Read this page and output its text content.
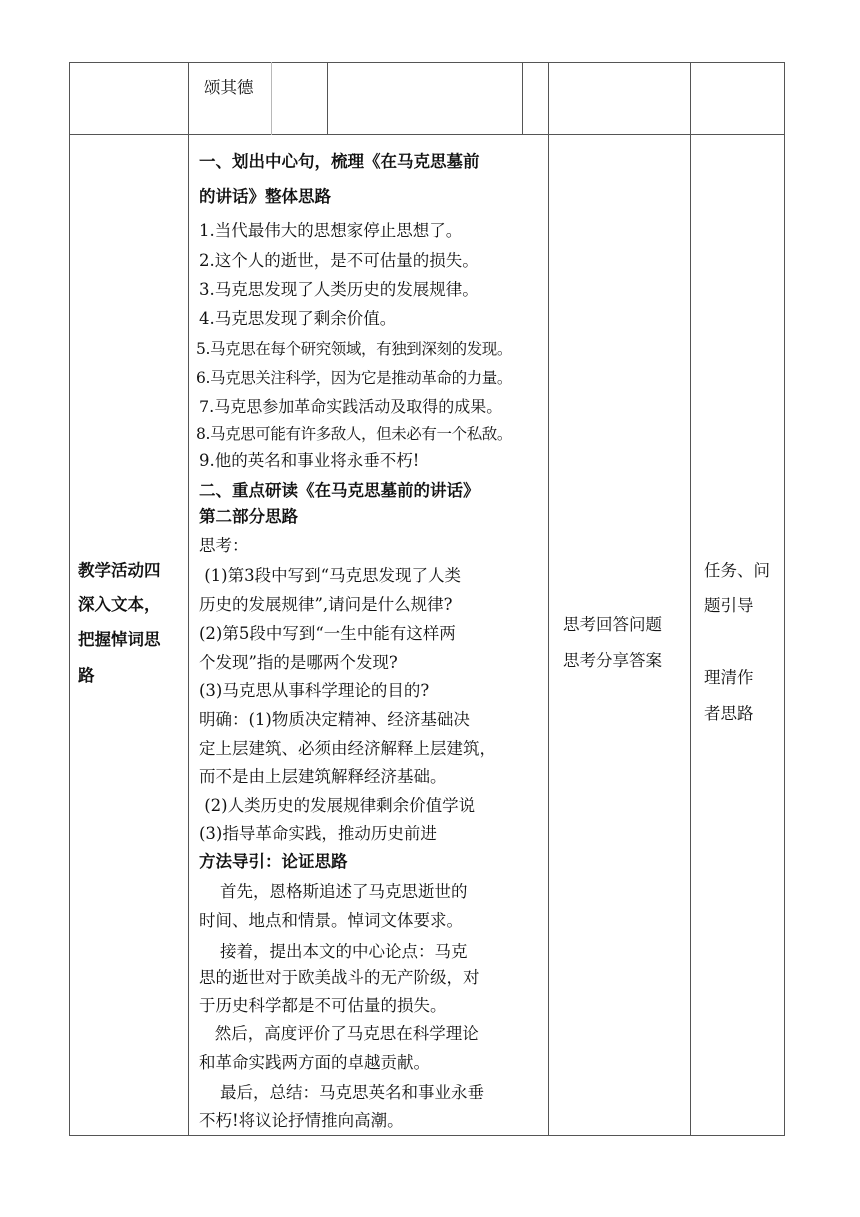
颂其德
教学活动四
深入文本，
把握悼词思
路
一、划出中心句，梳理《在马克思墓前
的讲话》整体思路
1.当代最伟大的思想家停止思想了。
2.这个人的逝世，是不可估量的损失。
3.马克思发现了人类历史的发展规律。
4.马克思发现了剩余价值。
5.马克思在每个研究领域，有独到深刻的发现。
6.马克思关注科学，因为它是推动革命的力量。
7.马克思参加革命实践活动及取得的成果。
8.马克思可能有许多敌人，但未必有一个私敌。
9.他的英名和事业将永垂不朽!
二、重点研读《在马克思墓前的讲话》
第二部分思路
思考：
(1)第3段中写到“马克思发现了人类
历史的发展规律”,请问是什么规律?
(2)第5段中写到“一生中能有这样两
个发现”指的是哪两个发现?
(3)马克思从事科学理论的目的?
明确：(1)物质决定精神、经济基础决
定上层建筑、必须由经济解释上层建筑，
而不是由上层建筑解释经济基础。
(2)人类历史的发展规律剩余价值学说
(3)指导革命实践，推动历史前进
方法导引：论证思路
首先，恩格斯追述了马克思逝世的
时间、地点和情景。悼词文体要求。
接着，提出本文的中心论点：马克
思的逝世对于欧美战斗的无产阶级，对
于历史科学都是不可估量的损失。
然后，高度评价了马克思在科学理论
和革命实践两方面的卓越贡献。
最后，总结：马克思英名和事业永垂
不朽!将议论抒情推向高潮。
思考回答问题
思考分享答案
任务、问
题引导
理清作
者思路
